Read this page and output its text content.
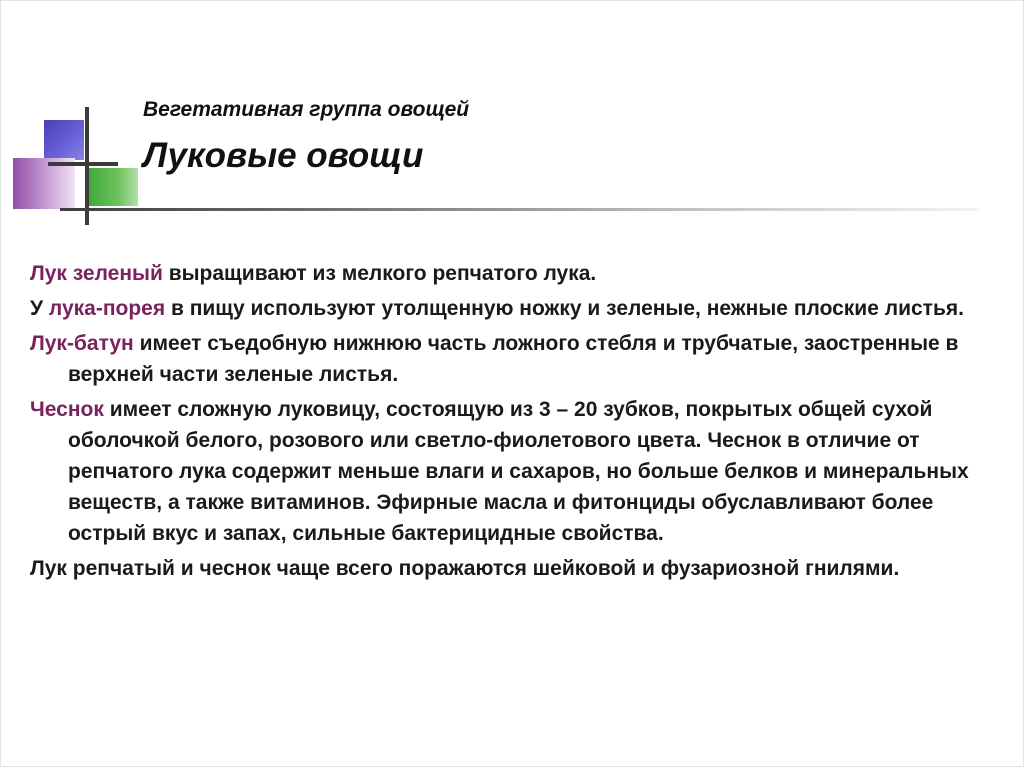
Вегетативная группа овощей
Луковые овощи

Лук зеленый выращивают из мелкого репчатого лука.

У лука-порея в пищу используют утолщенную ножку и зеленые, нежные плоские листья.

Лук-батун имеет съедобную нижнюю часть ложного стебля и трубчатые, заостренные в верхней части зеленые листья.

Чеснок имеет сложную луковицу, состоящую из 3 – 20 зубков, покрытых общей сухой оболочкой белого, розового или светло-фиолетового цвета. Чеснок в отличие от репчатого лука содержит меньше влаги и сахаров, но больше белков и минеральных веществ, а также витаминов. Эфирные масла и фитонциды обуславливают более острый вкус и запах, сильные бактерицидные свойства.

Лук репчатый и чеснок чаще всего поражаются шейковой и фузариозной гнилями.
